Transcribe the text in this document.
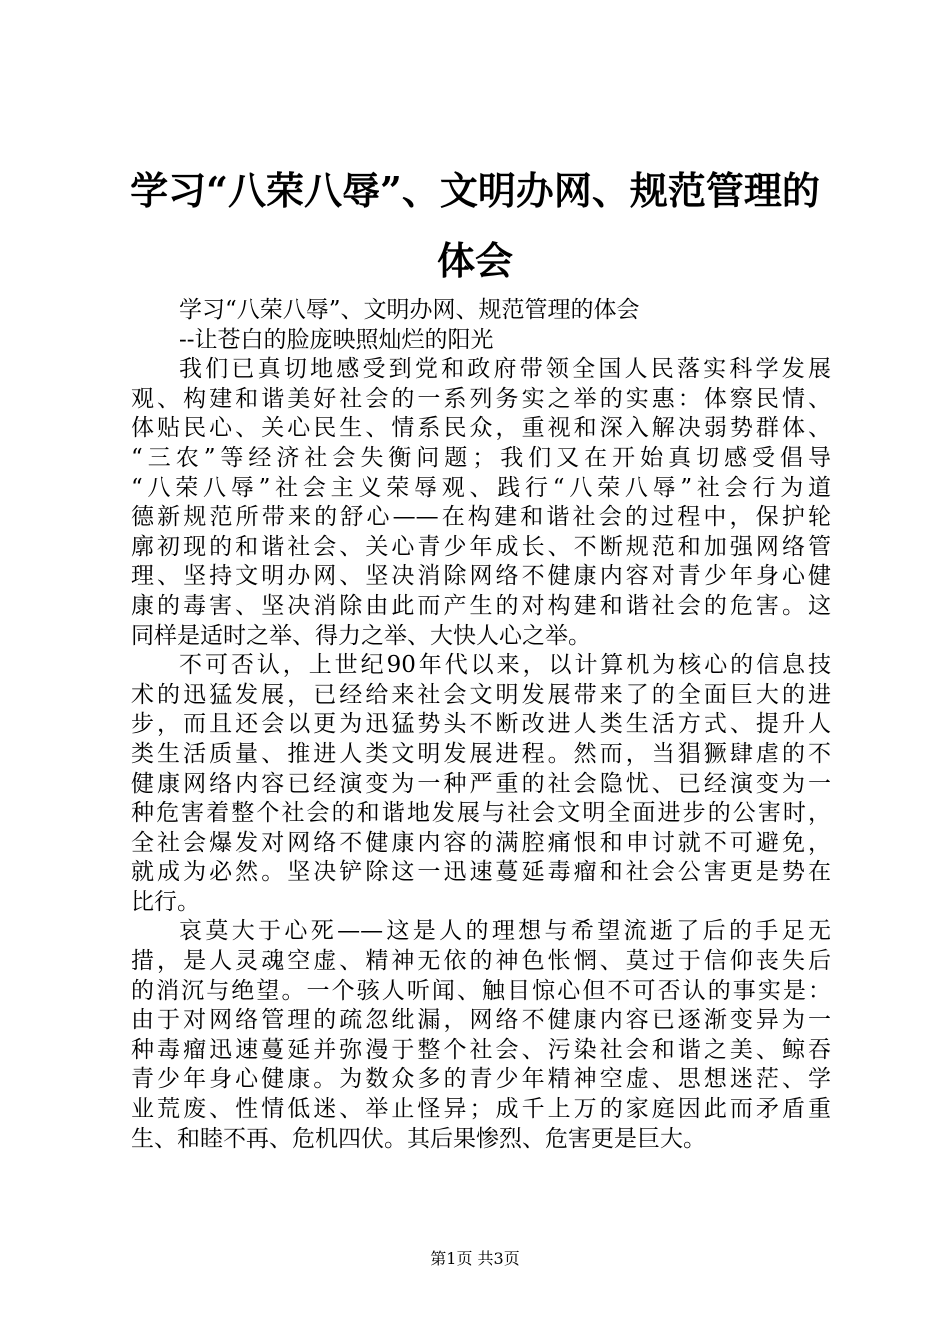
学习“八荣八辱”、文明办网、规范管理的体会
学习“八荣八辱”、文明办网、规范管理的体会
--让苍白的脸庞映照灿烂的阳光
我们已真切地感受到党和政府带领全国人民落实科学发展
观、构建和谐美好社会的一系列务实之举的实惠：体察民情、
体贴民心、关心民生、情系民众，重视和深入解决弱势群体、
“三农”等经济社会失衡问题；我们又在开始真切感受倡导
“八荣八辱”社会主义荣辱观、践行“八荣八辱”社会行为道
德新规范所带来的舒心——在构建和谐社会的过程中，保护轮
廓初现的和谐社会、关心青少年成长、不断规范和加强网络管
理、坚持文明办网、坚决消除网络不健康内容对青少年身心健
康的毒害、坚决消除由此而产生的对构建和谐社会的危害。这
同样是适时之举、得力之举、大快人心之举。
不可否认，上世纪90年代以来，以计算机为核心的信息技
术的迅猛发展，已经给来社会文明发展带来了的全面巨大的进
步，而且还会以更为迅猛势头不断改进人类生活方式、提升人
类生活质量、推进人类文明发展进程。然而，当猖獗肆虐的不
健康网络内容已经演变为一种严重的社会隐忧、已经演变为一
种危害着整个社会的和谐地发展与社会文明全面进步的公害时，
全社会爆发对网络不健康内容的满腔痛恨和申讨就不可避免，
就成为必然。坚决铲除这一迅速蔓延毒瘤和社会公害更是势在
比行。
哀莫大于心死——这是人的理想与希望流逝了后的手足无
措，是人灵魂空虚、精神无依的神色怅惘、莫过于信仰丧失后
的消沉与绝望。一个骇人听闻、触目惊心但不可否认的事实是：
由于对网络管理的疏忽纰漏，网络不健康内容已逐渐变异为一
种毒瘤迅速蔓延并弥漫于整个社会、污染社会和谐之美、鲸吞
青少年身心健康。为数众多的青少年精神空虚、思想迷茫、学
业荒废、性情低迷、举止怪异；成千上万的家庭因此而矛盾重
生、和睦不再、危机四伏。其后果惨烈、危害更是巨大。
第1页 共3页
